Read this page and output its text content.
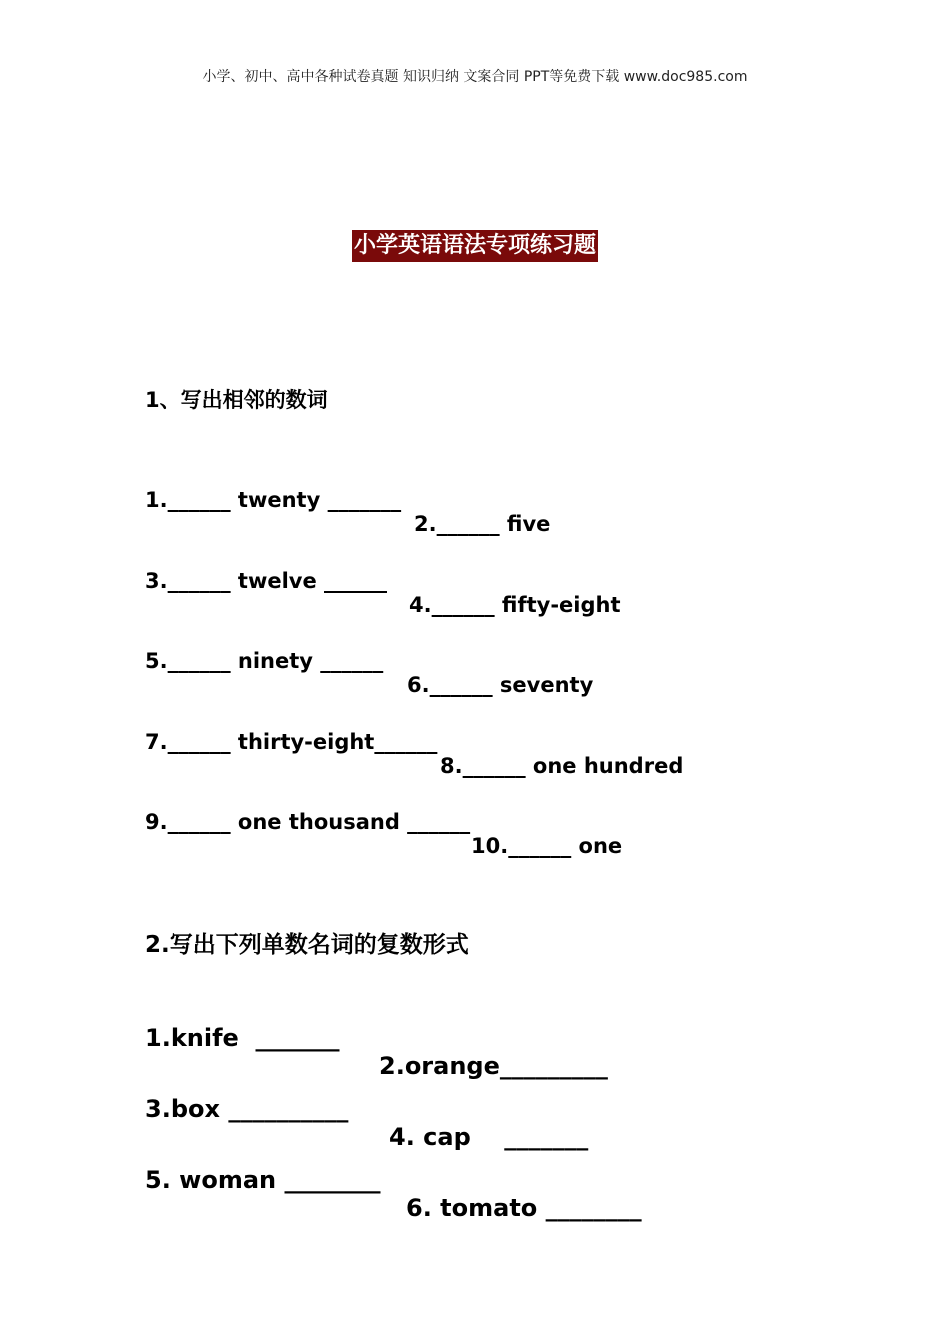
小学、初中、高中各种试卷真题 知识归纳 文案合同 PPT等免费下载 www.doc985.com
小学英语语法专项练习题
1、写出相邻的数词

1.______ twenty _______

2.______ five

3.______ twelve ______

4.______ fifty-eight

5.______ ninety ______

6.______ seventy

7.______ thirty-eight______

8.______ one hundred

9.______ one thousand ______

10.______ one

2.写出下列单数名词的复数形式

1.knife  _______

2.orange_________

3.box __________

4. cap    _______

5. woman ________

6. tomato ________
